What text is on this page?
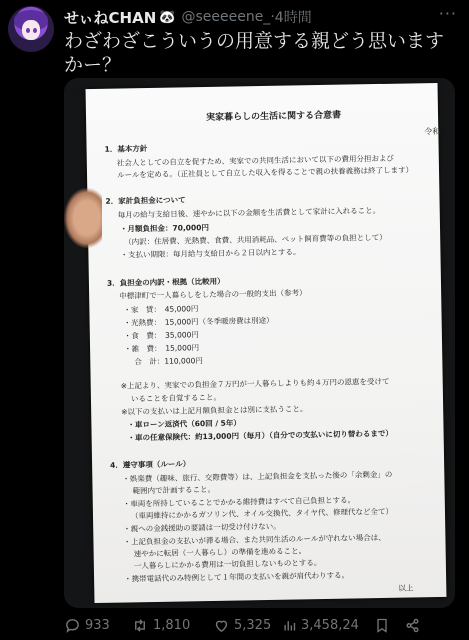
せぃねCHAN 🐼 @seeeeene_ · 4時間	···
わざわざこういうの用意する親どう思いますかー？
実家暮らしの生活に関する合意書
令和
1．基本方針
社会人としての自立を促すため、実家での共同生活において以下の費用分担および
ルールを定める。（正社員として自立した収入を得ることで親の扶養義務は終了します）
2．家計負担金について
毎月の給与支給日後、速やかに以下の金額を生活費として家計に入れること。
・月額負担金：70,000円
（内訳：住居費、光熱費、食費、共用消耗品、ペット飼育費等の負担として）
・支払い期限：毎月給与支給日から２日以内とする。
3．負担金の内訳・根拠（比較用）
中標津町で一人暮らしをした場合の一般的支出（参考）
・家　賃：　45,000円
・光熱費：　15,000円（冬季暖房費は別途）
・食　費：　35,000円
・雑　費：　15,000円
合　計：110,000円
※上記より、実家での負担金７万円が一人暮らしよりも約４万円の恩恵を受けて
いることを自覚すること。
※以下の支払いは上記月額負担金とは別に支払うこと。
・車ローン返済代（60回 / 5年）
・車の任意保険代：約13,000円（毎月）（自分での支払いに切り替わるまで）
4．遵守事項（ルール）
・娯楽費（趣味、旅行、交際費等）は、上記負担金を支払った後の「余剰金」の
範囲内で計画すること。
・車両を所持していることでかかる維持費はすべて自己負担とする。
（車両維持にかかるガソリン代、オイル交換代、タイヤ代、修理代など全て）
・親への金銭援助の要請は一切受け付けない。
・上記負担金の支払いが滞る場合、また共同生活のルールが守れない場合は、
速やかに転居（一人暮らし）の準備を進めること。
一人暮らしにかかる費用は一切負担しないものとする。
・携帯電話代のみ特例として１年間の支払いを親が肩代わりする。
以上
933	1,810	5,325 3,458,24
